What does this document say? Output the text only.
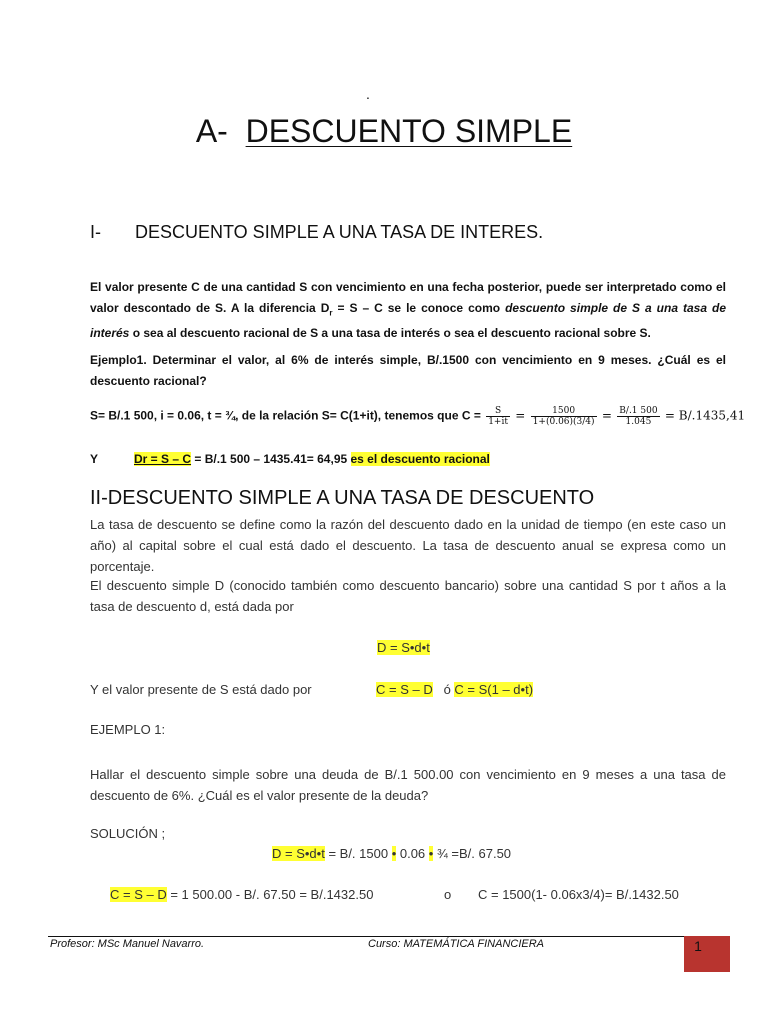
.
A- DESCUENTO SIMPLE
I- DESCUENTO SIMPLE A UNA TASA DE INTERES.
El valor presente C de una cantidad S con vencimiento en una fecha posterior, puede ser interpretado como el valor descontado de S. A la diferencia $D_r = S - C$ se le conoce como descuento simple de S a una tasa de interés o sea al descuento racional de S a una tasa de interés o sea el descuento racional sobre S.
Ejemplo1. Determinar el valor, al 6% de interés simple, B/.1500 con vencimiento en 9 meses. ¿Cuál es el descuento racional?
S= B/.1 500, i = 0.06, t = ¾, de la relación S= C(1+it), tenemos que $C = \frac{S}{1+it} = \frac{1500}{1+(0.06)(3/4)} = \frac{B/.1 500}{1.045} = B/.1435,41$
Y	Dr = S – C = B/.1 500 – 1435.41= 64,95 es el descuento racional
II-DESCUENTO SIMPLE A UNA TASA DE DESCUENTO
La tasa de descuento se define como la razón del descuento dado en la unidad de tiempo (en este caso un año) al capital sobre el cual está dado el descuento. La tasa de descuento anual se expresa como un porcentaje.
El descuento simple D (conocido también como descuento bancario) sobre una cantidad S por t años a la tasa de descuento d, está dada por
D = S•d•t
Y el valor presente de S está dado por	C = S – D ó C = S(1 – d•t)
EJEMPLO 1:
Hallar el descuento simple sobre una deuda de B/.1 500.00 con vencimiento en 9 meses a una tasa de descuento de 6%. ¿Cuál es el valor presente de la deuda?
SOLUCIÓN ;
D = S•d•t = B/. 1500 • 0.06 • ¾ =B/. 67.50
C = S – D = 1 500.00 - B/. 67.50 = B/.1432.50	o C = 1500(1- 0.06x3/4)= B/.1432.50
Profesor: MSc Manuel Navarro.	Curso: MATEMÁTICA FINANCIERA	1
